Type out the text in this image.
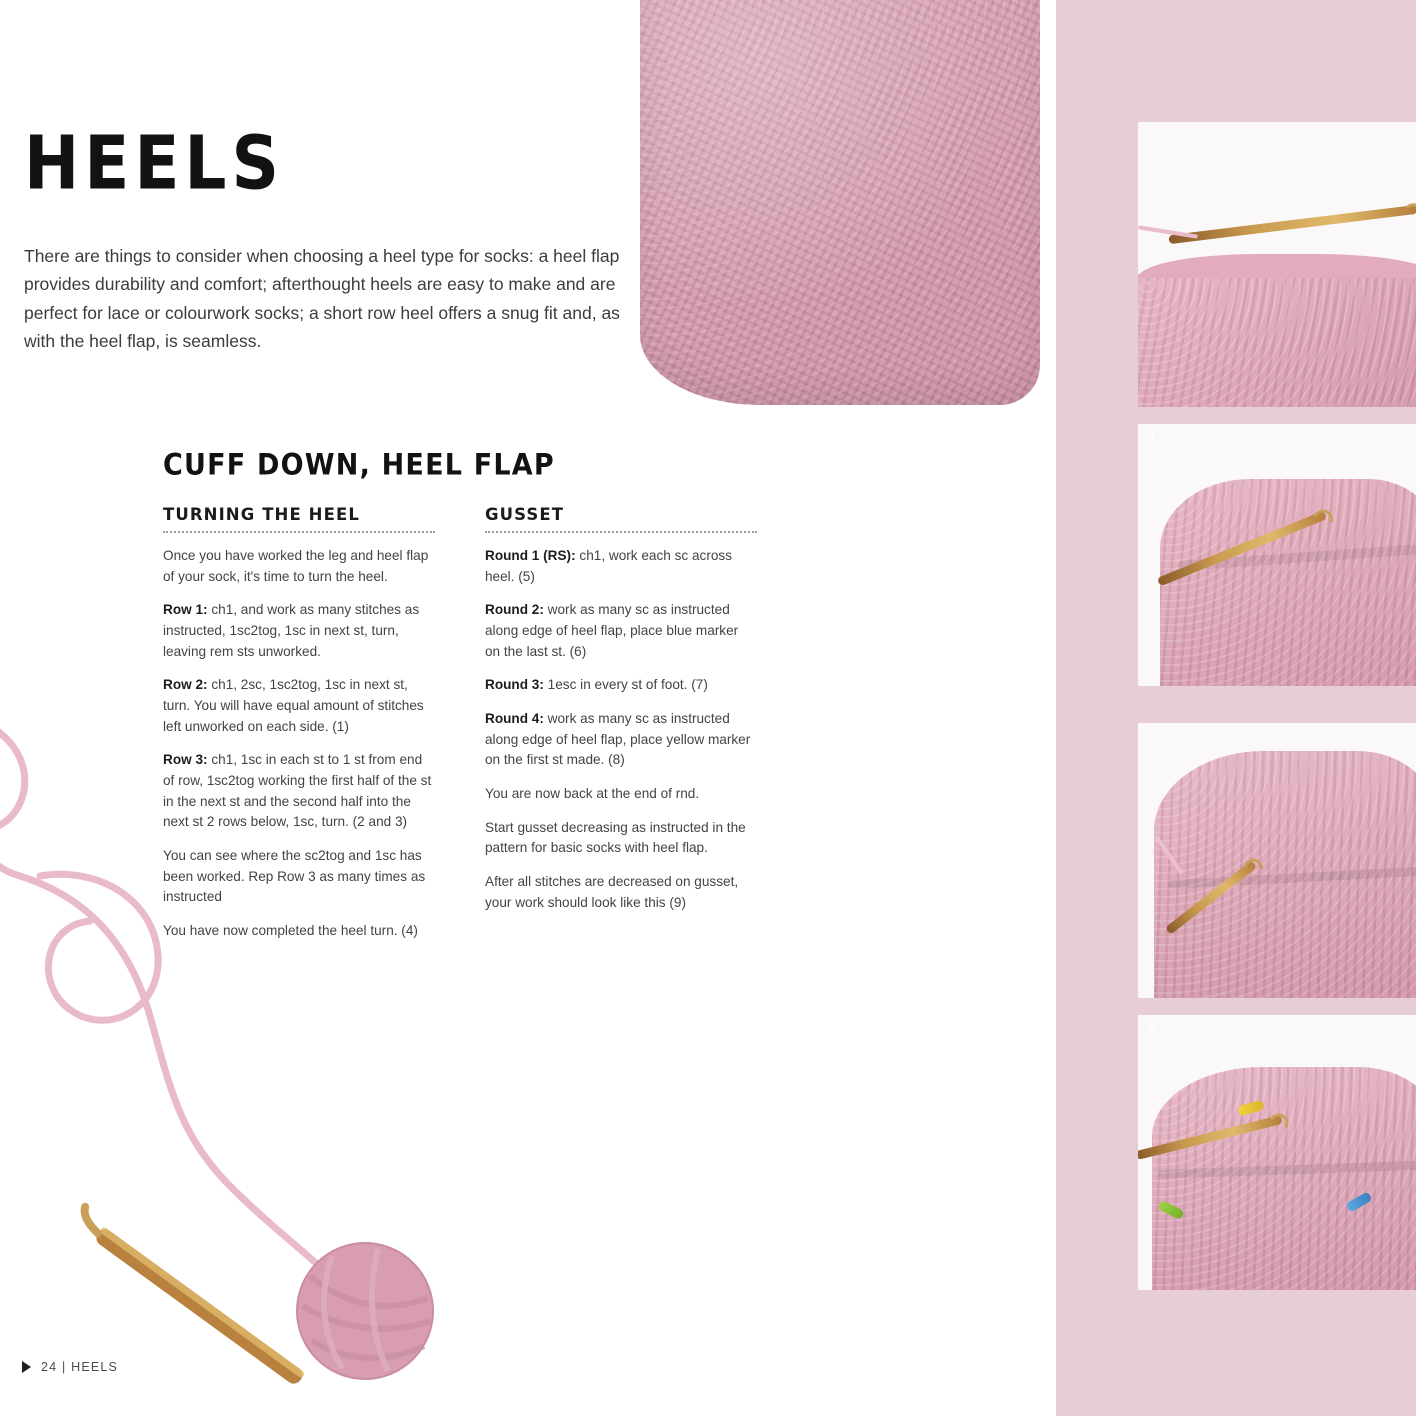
HEELS

There are things to consider when choosing a heel type for socks: a heel flap provides durability and comfort; afterthought heels are easy to make and are perfect for lace or colourwork socks; a short row heel offers a snug fit and, as with the heel flap, is seamless.

CUFF DOWN, HEEL FLAP
TURNING THE HEEL

Once you have worked the leg and heel flap of your sock, it's time to turn the heel.

Row 1: ch1, and work as many stitches as instructed, 1sc2tog, 1sc in next st, turn, leaving rem sts unworked.

Row 2: ch1, 2sc, 1sc2tog, 1sc in next st, turn. You will have equal amount of stitches left unworked on each side. (1)

Row 3: ch1, 1sc in each st to 1 st from end of row, 1sc2tog working the first half of the st in the next st and the second half into the next st 2 rows below, 1sc, turn. (2 and 3)

You can see where the sc2tog and 1sc has been worked. Rep Row 3 as many times as instructed

You have now completed the heel turn. (4)

GUSSET

Round 1 (RS): ch1, work each sc across heel. (5)

Round 2: work as many sc as instructed along edge of heel flap, place blue marker on the last st. (6)

Round 3: 1esc in every st of foot. (7)

Round 4: work as many sc as instructed along edge of heel flap, place yellow marker on the first st made. (8)

You are now back at the end of rnd.

Start gusset decreasing as instructed in the pattern for basic socks with heel flap.

After all stitches are decreased on gusset, your work should look like this (9)

1
4
7
8
24 | HEELS
